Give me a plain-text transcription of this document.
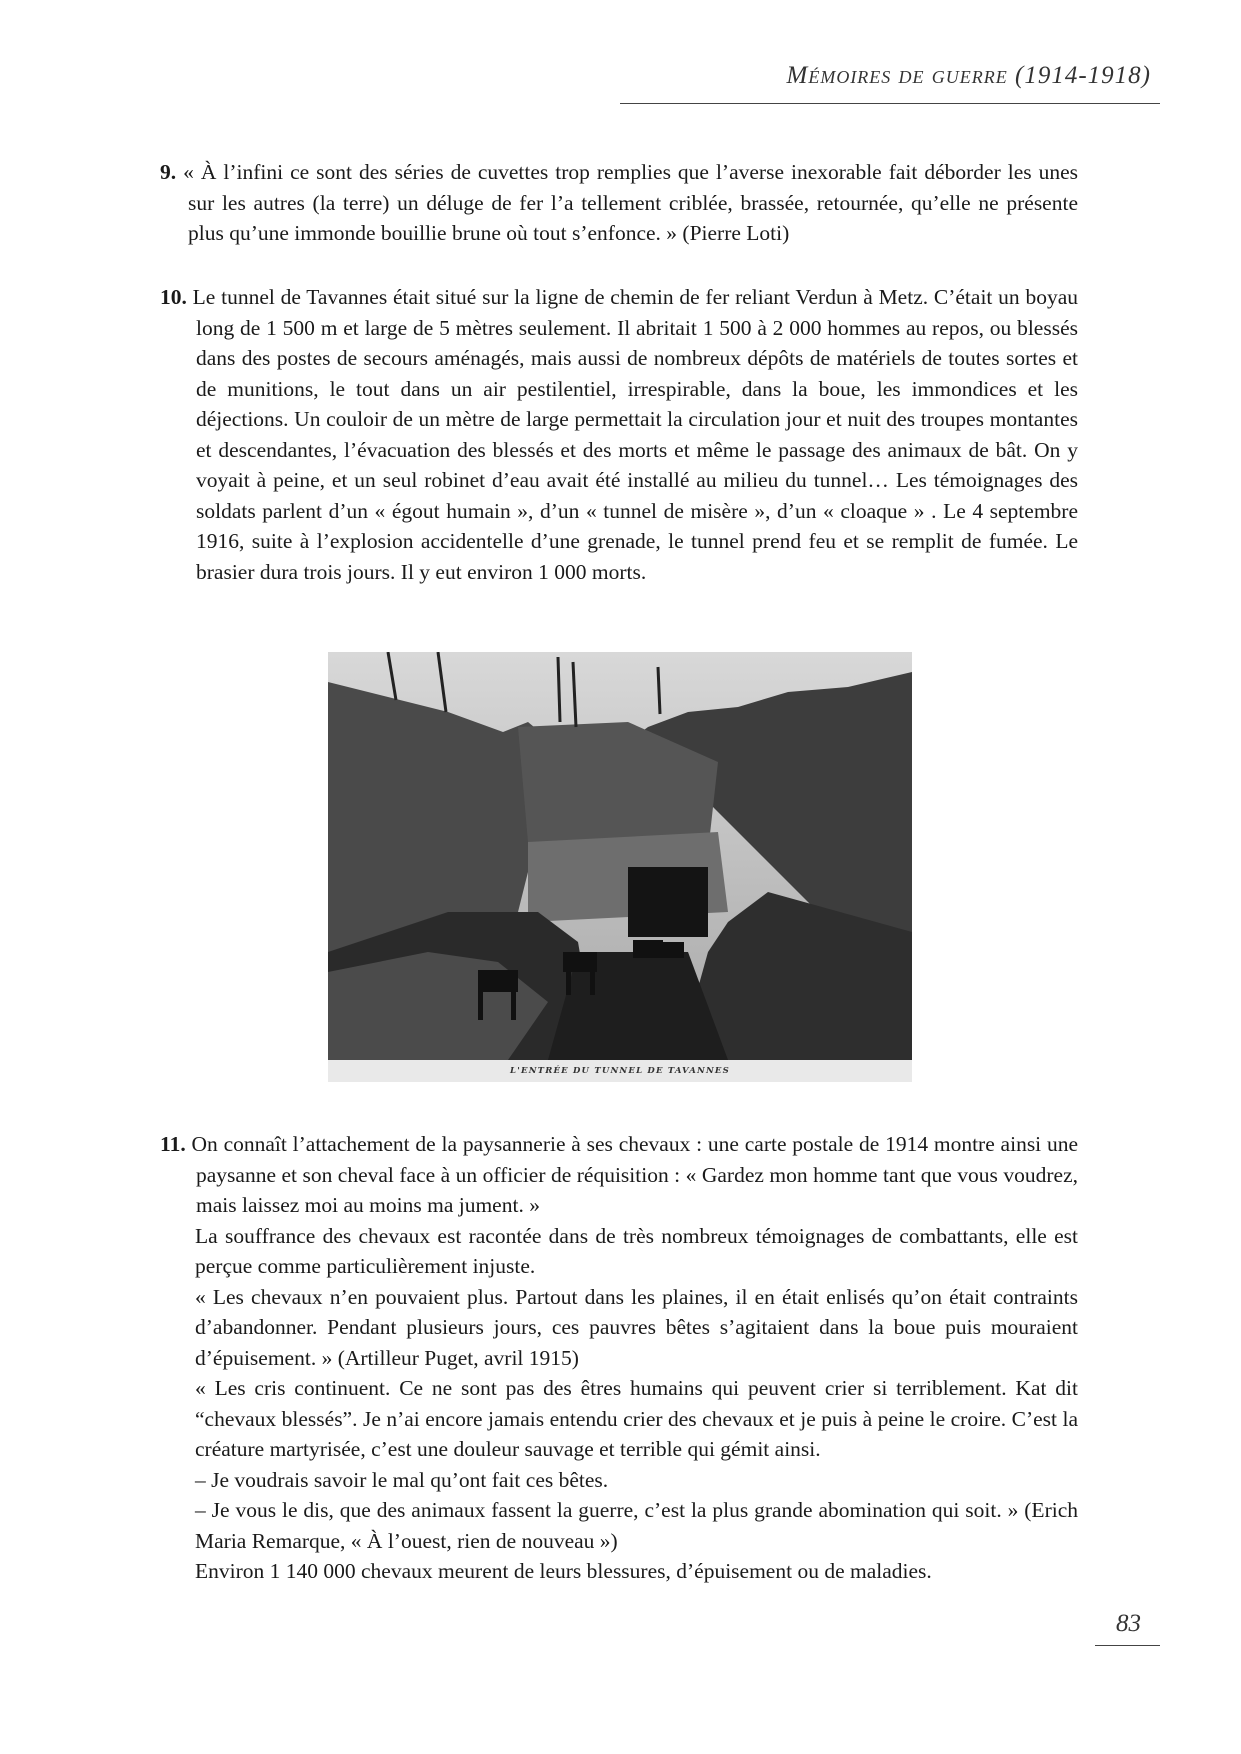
Mémoires de guerre (1914-1918)

9. « À l’infini ce sont des séries de cuvettes trop remplies que l’averse inexorable fait déborder les unes sur les autres (la terre) un déluge de fer l’a tellement criblée, brassée, retournée, qu’elle ne présente plus qu’une immonde bouillie brune où tout s’enfonce. » (Pierre Loti)

10. Le tunnel de Tavannes était situé sur la ligne de chemin de fer reliant Verdun à Metz. C’était un boyau long de 1 500 m et large de 5 mètres seulement. Il abritait 1 500 à 2 000 hommes au repos, ou blessés dans des postes de secours aménagés, mais aussi de nombreux dépôts de matériels de toutes sortes et de munitions, le tout dans un air pestilentiel, irrespirable, dans la boue, les immondices et les déjections. Un couloir de un mètre de large permettait la circulation jour et nuit des troupes montantes et descendantes, l’évacuation des blessés et des morts et même le passage des animaux de bât. On y voyait à peine, et un seul robinet d’eau avait été installé au milieu du tunnel… Les témoignages des soldats parlent d’un « égout humain », d’un « tunnel de misère », d’un « cloaque » . Le 4 septembre 1916, suite à l’explosion accidentelle d’une grenade, le tunnel prend feu et se remplit de fumée. Le brasier dura trois jours. Il y eut environ 1 000 morts.

L'ENTRÉE DU TUNNEL DE TAVANNES

11. On connaît l’attachement de la paysannerie à ses chevaux : une carte postale de 1914 montre ainsi une paysanne et son cheval face à un officier de réquisition : « Gardez mon homme tant que vous voudrez, mais laissez moi au moins ma jument. »

La souffrance des chevaux est racontée dans de très nombreux témoignages de combattants, elle est perçue comme particulièrement injuste.

« Les chevaux n’en pouvaient plus. Partout dans les plaines, il en était enlisés qu’on était contraints d’abandonner. Pendant plusieurs jours, ces pauvres bêtes s’agitaient dans la boue puis mouraient d’épuisement. » (Artilleur Puget, avril 1915)

« Les cris continuent. Ce ne sont pas des êtres humains qui peuvent crier si terriblement. Kat dit “chevaux blessés”. Je n’ai encore jamais entendu crier des chevaux et je puis à peine le croire. C’est la créature martyrisée, c’est une douleur sauvage et terrible qui gémit ainsi.

– Je voudrais savoir le mal qu’ont fait ces bêtes.

– Je vous le dis, que des animaux fassent la guerre, c’est la plus grande abomination qui soit. » (Erich Maria Remarque, « À l’ouest, rien de nouveau »)

Environ 1 140 000 chevaux meurent de leurs blessures, d’épuisement ou de maladies.

83
